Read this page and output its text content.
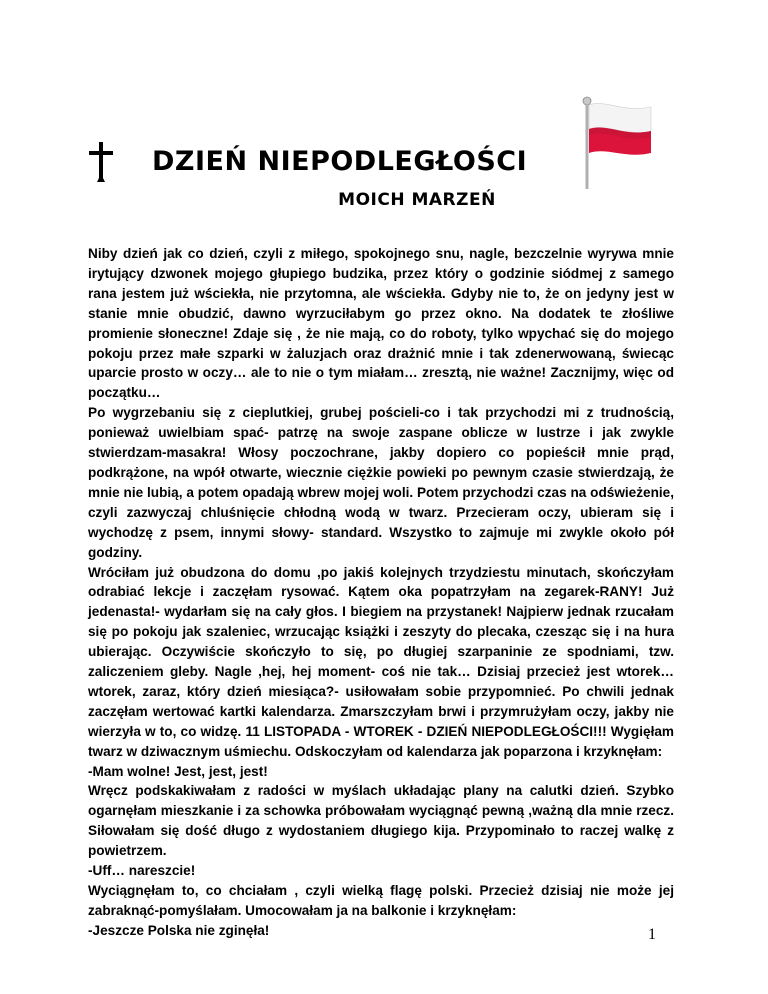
DZIEŃ NIEPODLEGŁOŚCI
MOICH MARZEŃ

Niby dzień jak co dzień, czyli z miłego, spokojnego snu, nagle, bezczelnie wyrywa mnie irytujący dzwonek mojego głupiego budzika, przez który o godzinie siódmej z samego rana jestem już wściekła, nie przytomna, ale wściekła. Gdyby nie to, że on jedyny jest w stanie mnie obudzić, dawno wyrzuciłabym go przez okno. Na dodatek te złośliwe promienie słoneczne! Zdaje się , że nie mają, co do roboty, tylko wpychać się do mojego pokoju przez małe szparki w żaluzjach oraz drażnić mnie i tak zdenerwowaną, świecąc uparcie prosto w oczy… ale to nie o tym miałam… zresztą, nie ważne! Zacznijmy, więc od początku…

Po wygrzebaniu się z cieplutkiej, grubej pościeli-co i tak przychodzi mi z trudnością, ponieważ uwielbiam spać- patrzę na swoje zaspane oblicze w lustrze i jak zwykle stwierdzam-masakra! Włosy poczochrane, jakby dopiero co popieścił mnie prąd, podkrążone, na wpół otwarte, wiecznie ciężkie powieki po pewnym czasie stwierdzają, że mnie nie lubią, a potem opadają wbrew mojej woli. Potem przychodzi czas na odświeżenie, czyli zazwyczaj chluśnięcie chłodną wodą w twarz. Przecieram oczy, ubieram się i wychodzę z psem, innymi słowy- standard. Wszystko to zajmuje mi zwykle około pół godziny.

Wróciłam już obudzona do domu ,po jakiś kolejnych trzydziestu minutach, skończyłam odrabiać lekcje i zaczęłam rysować. Kątem oka popatrzyłam na zegarek-RANY! Już jedenasta!- wydarłam się na cały głos. I biegiem na przystanek! Najpierw jednak rzucałam się po pokoju jak szaleniec, wrzucając książki i zeszyty do plecaka, czesząc się i na hura ubierając. Oczywiście skończyło to się, po długiej szarpaninie ze spodniami, tzw. zaliczeniem gleby. Nagle ,hej, hej moment- coś nie tak… Dzisiaj przecież jest wtorek… wtorek, zaraz, który dzień miesiąca?- usiłowałam sobie przypomnieć. Po chwili jednak zaczęłam wertować kartki kalendarza. Zmarszczyłam brwi i przymrużyłam oczy, jakby nie wierzyła w to, co widzę. 11 LISTOPADA - WTOREK - DZIEŃ NIEPODLEGŁOŚCI!!! Wygięłam twarz w dziwacznym uśmiechu. Odskoczyłam od kalendarza jak poparzona i krzyknęłam:

-Mam wolne! Jest, jest, jest!

Wręcz podskakiwałam z radości w myślach układając plany na calutki dzień. Szybko ogarnęłam mieszkanie i za schowka próbowałam wyciągnąć pewną ,ważną dla mnie rzecz. Siłowałam się dość długo z wydostaniem długiego kija. Przypominało to raczej walkę z powietrzem.

-Uff… nareszcie!

Wyciągnęłam to, co chciałam , czyli wielką flagę polski. Przecież dzisiaj nie może jej zabraknąć-pomyślałam. Umocowałam ja na balkonie i krzyknęłam:

-Jeszcze Polska nie zginęła!	1
